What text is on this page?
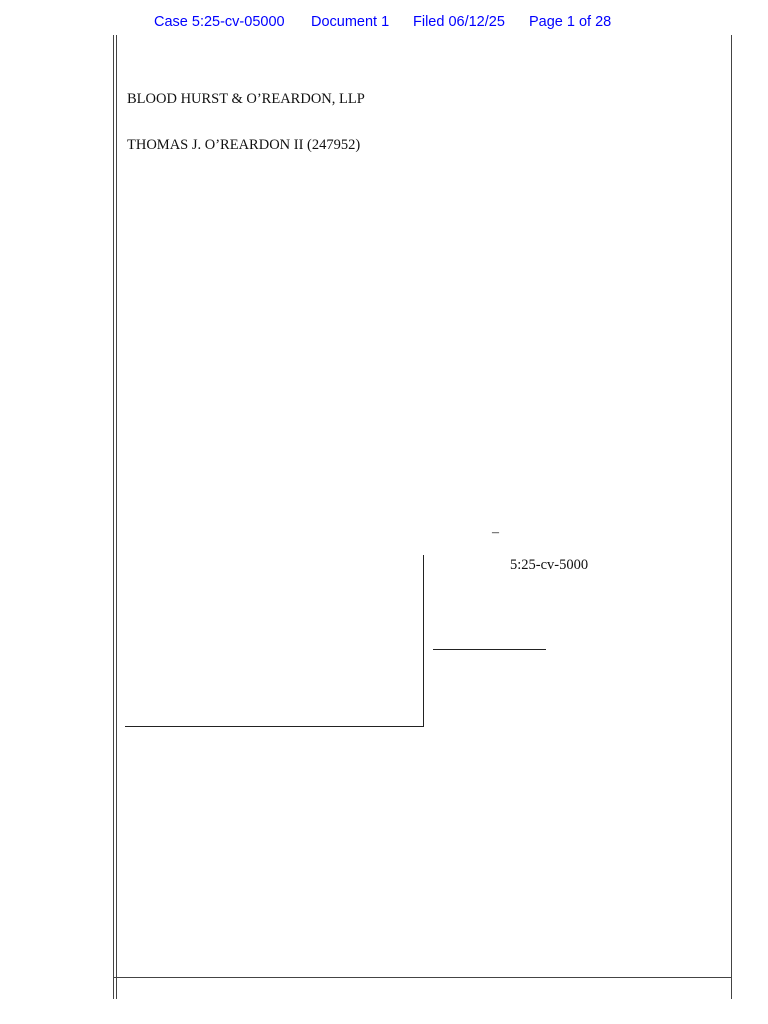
Case 5:25-cv-05000 Document 1 Filed 06/12/25 Page 1 of 28
BLOOD HURST & O’REARDON, LLP
THOMAS J. O’REARDON II (247952)
–
5:25-cv-5000
